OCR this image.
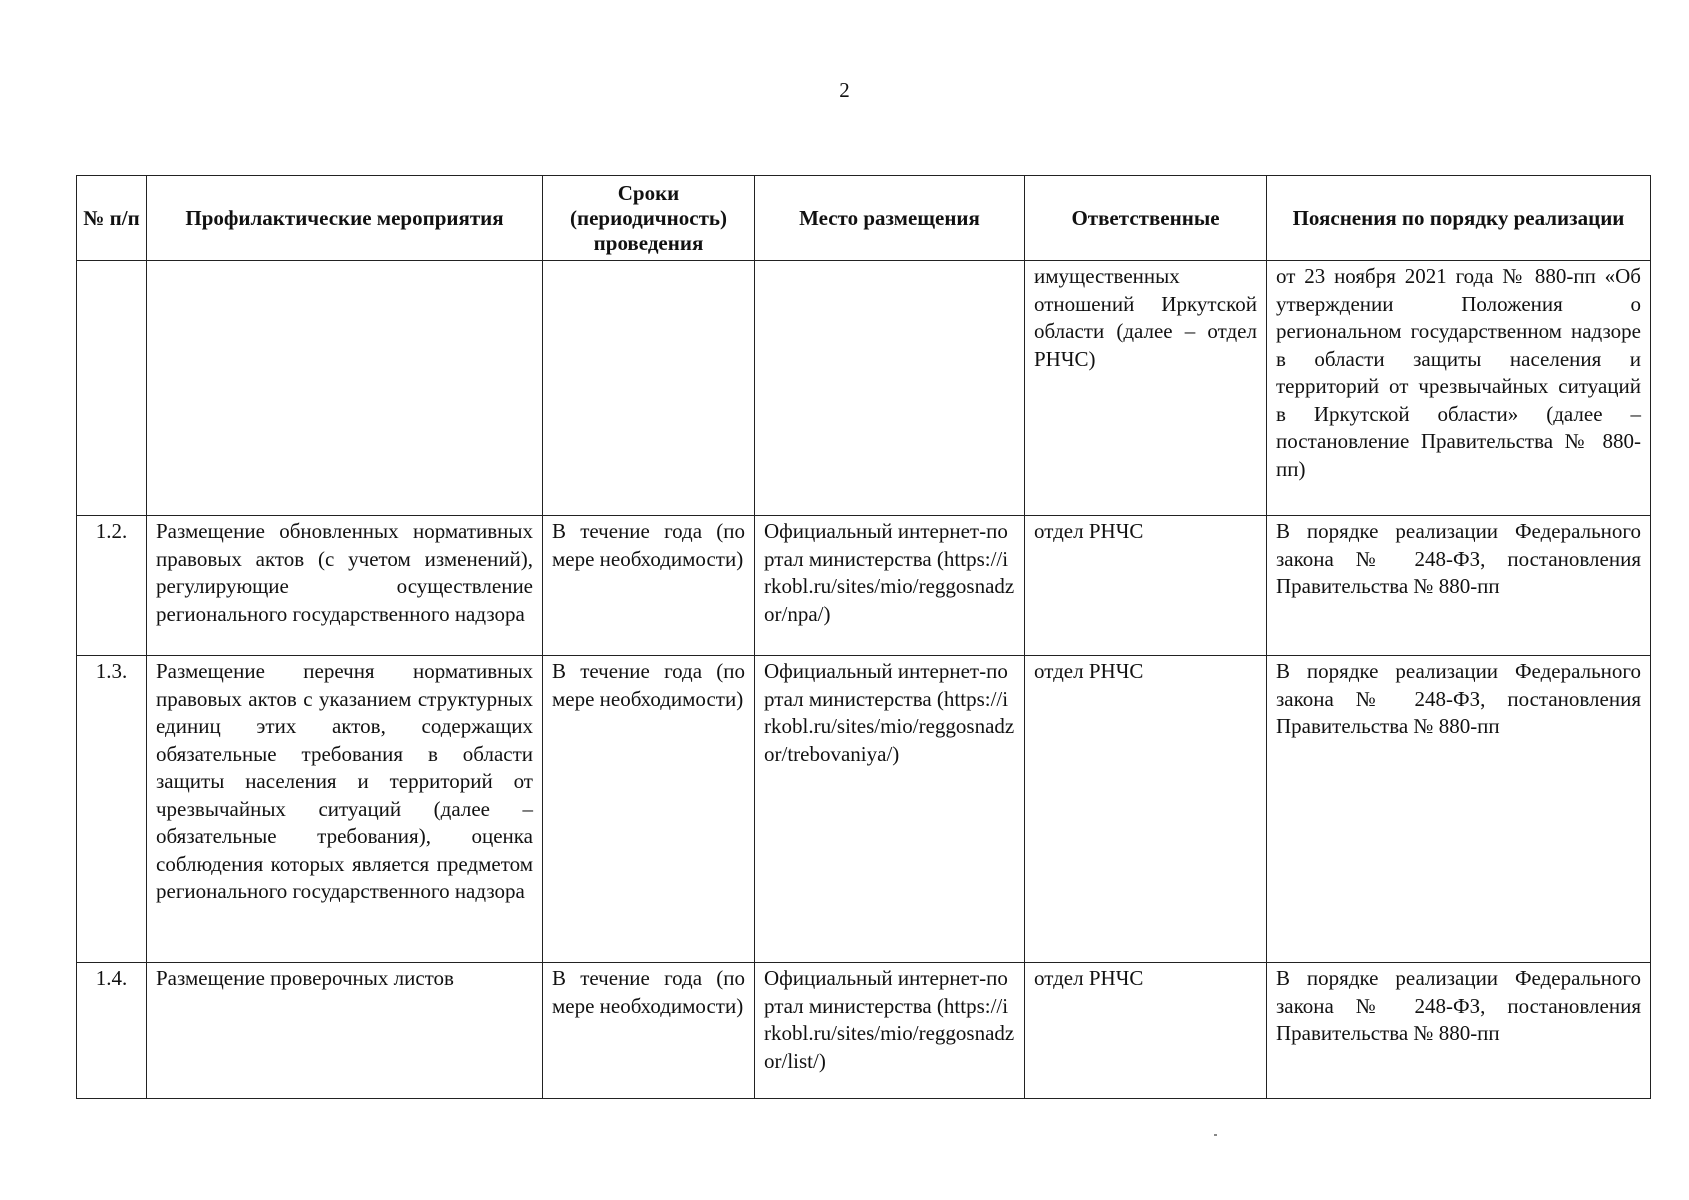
2
№ п/п	Профилактические мероприятия	Сроки (периодичность) проведения	Место размещения	Ответственные	Пояснения по порядку реализации
				имущественных отношений Иркутской области (далее – отдел РНЧС)	от 23 ноября 2021 года № 880-пп «Об утверждении Положения о региональном государственном надзоре в области защиты населения и территорий от чрезвычайных ситуаций в Иркутской области» (далее – постановление Правительства № 880-пп)
1.2.	Размещение обновленных нормативных правовых актов (с учетом изменений), регулирующие осуществление регионального государственного надзора	В течение года (по мере необходимости)	Официальный интернет-портал министерства (https://irkobl.ru/sites/mio/reggosnadzor/npa/)	отдел РНЧС	В порядке реализации Федерального закона № 248-ФЗ, постановления Правительства № 880-пп
1.3.	Размещение перечня нормативных правовых актов с указанием структурных единиц этих актов, содержащих обязательные требования в области защиты населения и территорий от чрезвычайных ситуаций (далее – обязательные требования), оценка соблюдения которых является предметом регионального государственного надзора	В течение года (по мере необходимости)	Официальный интернет-портал министерства (https://irkobl.ru/sites/mio/reggosnadzor/trebovaniya/)	отдел РНЧС	В порядке реализации Федерального закона № 248-ФЗ, постановления Правительства № 880-пп
1.4.	Размещение проверочных листов	В течение года (по мере необходимости)	Официальный интернет-портал министерства (https://irkobl.ru/sites/mio/reggosnadzor/list/)	отдел РНЧС	В порядке реализации Федерального закона № 248-ФЗ, постановления Правительства № 880-пп
